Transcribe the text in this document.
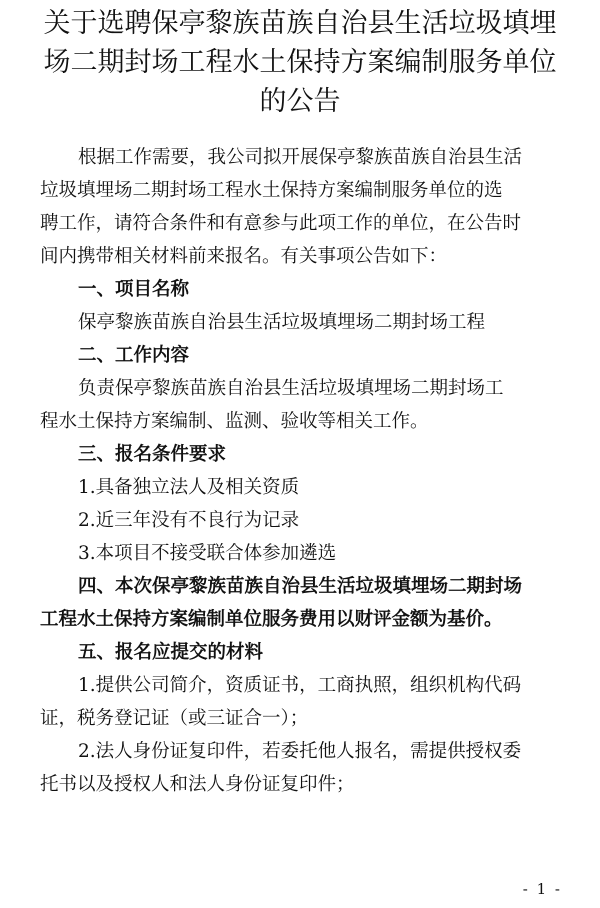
关于选聘保亭黎族苗族自治县生活垃圾填埋
场二期封场工程水土保持方案编制服务单位
的公告
根据工作需要，我公司拟开展保亭黎族苗族自治县生活
垃圾填埋场二期封场工程水土保持方案编制服务单位的选
聘工作，请符合条件和有意参与此项工作的单位，在公告时
间内携带相关材料前来报名。有关事项公告如下：
一、项目名称
保亭黎族苗族自治县生活垃圾填埋场二期封场工程
二、工作内容
负责保亭黎族苗族自治县生活垃圾填埋场二期封场工
程水土保持方案编制、监测、验收等相关工作。
三、报名条件要求
1.具备独立法人及相关资质
2.近三年没有不良行为记录
3.本项目不接受联合体参加遴选
四、本次保亭黎族苗族自治县生活垃圾填埋场二期封场
工程水土保持方案编制单位服务费用以财评金额为基价。
五、报名应提交的材料
1.提供公司简介，资质证书，工商执照，组织机构代码
证，税务登记证（或三证合一）；
2.法人身份证复印件，若委托他人报名，需提供授权委
托书以及授权人和法人身份证复印件；
- 1 -
